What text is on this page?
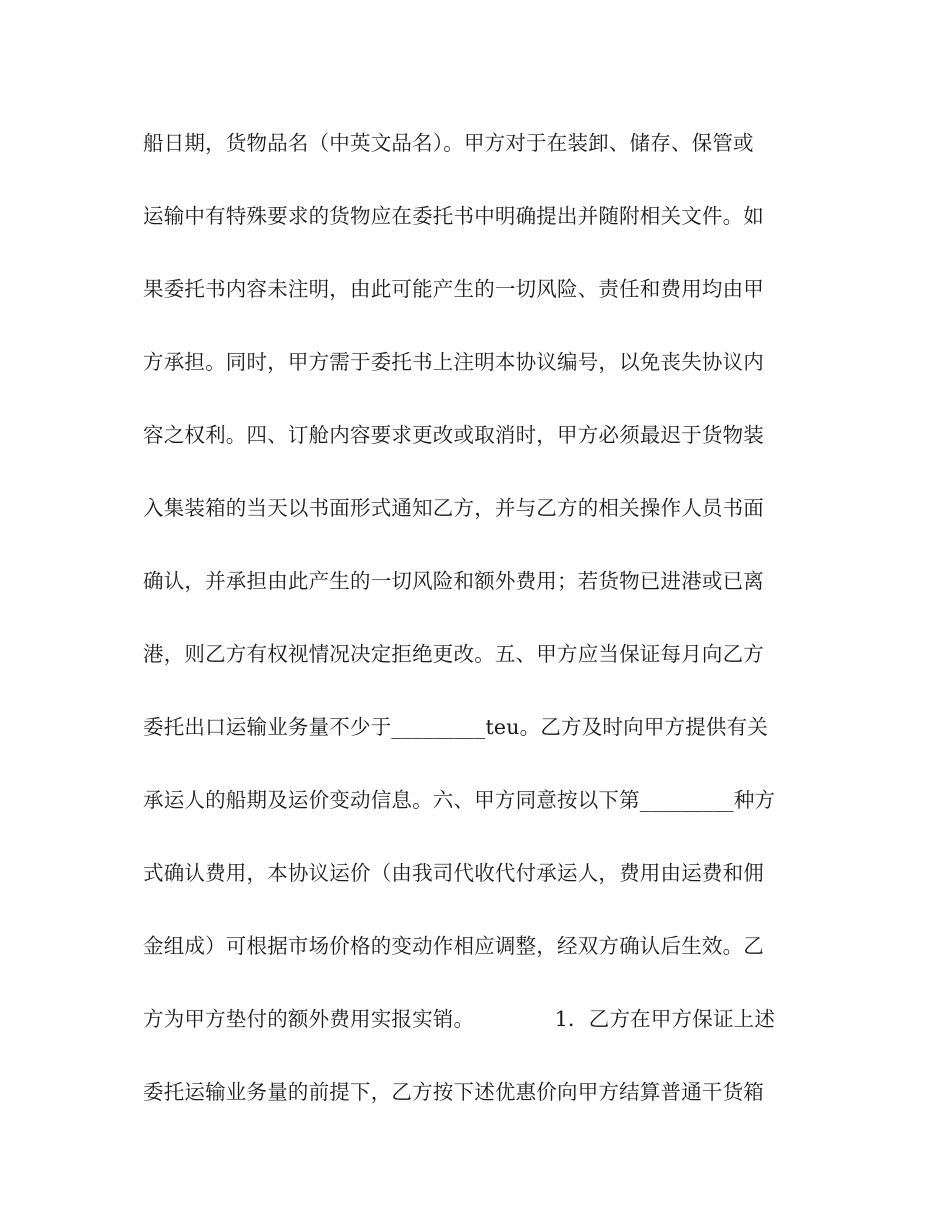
船日期，货物品名（中英文品名）。甲方对于在装卸、储存、保管或
运输中有特殊要求的货物应在委托书中明确提出并随附相关文件。如
果委托书内容未注明，由此可能产生的一切风险、责任和费用均由甲
方承担。同时，甲方需于委托书上注明本协议编号，以免丧失协议内
容之权利。四、订舱内容要求更改或取消时，甲方必须最迟于货物装
入集装箱的当天以书面形式通知乙方，并与乙方的相关操作人员书面
确认，并承担由此产生的一切风险和额外费用；若货物已进港或已离
港，则乙方有权视情况决定拒绝更改。五、甲方应当保证每月向乙方
委托出口运输业务量不少于_________teu。乙方及时向甲方提供有关
承运人的船期及运价变动信息。六、甲方同意按以下第_________种方
式确认费用，本协议运价（由我司代收代付承运人，费用由运费和佣
金组成）可根据市场价格的变动作相应调整，经双方确认后生效。乙
方为甲方垫付的额外费用实报实销。            1．乙方在甲方保证上述
委托运输业务量的前提下，乙方按下述优惠价向甲方结算普通干货箱
